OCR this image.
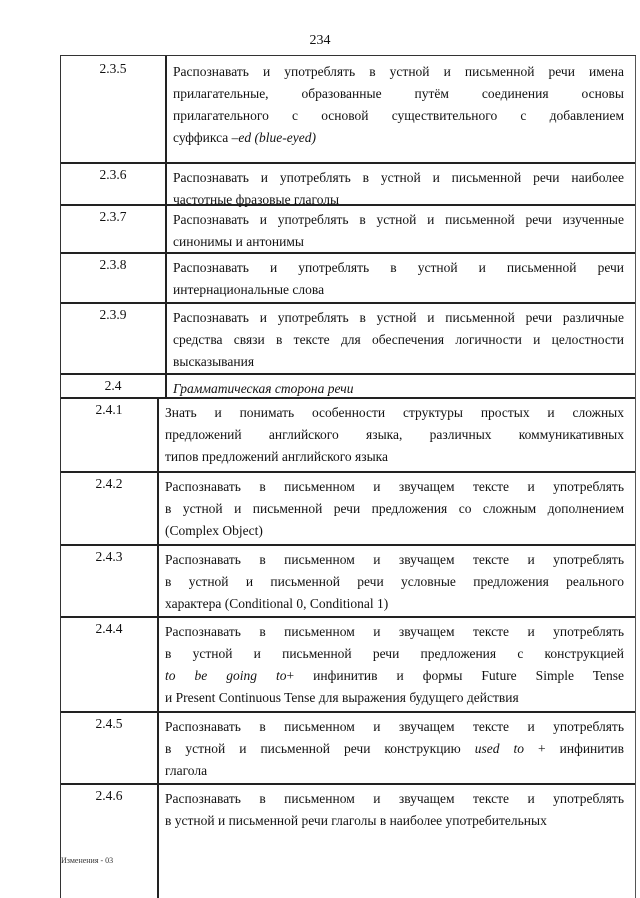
234
2.3.5	Распознавать и употреблять в устной и письменной речи имена
прилагательные, образованные путём соединения основы
прилагательного с основой существительного с добавлением
суффикса –ed (blue-eyed)
2.3.6	Распознавать и употреблять в устной и письменной речи наиболее
частотные фразовые глаголы
2.3.7	Распознавать и употреблять в устной и письменной речи изученные
синонимы и антонимы
2.3.8	Распознавать и употреблять в устной и письменной речи
интернациональные слова
2.3.9	Распознавать и употреблять в устной и письменной речи различные
средства связи в тексте для обеспечения логичности и целостности
высказывания
2.4	Грамматическая сторона речи
2.4.1	Знать и понимать особенности структуры простых и сложных
предложений английского языка, различных коммуникативных
типов предложений английского языка
2.4.2	Распознавать в письменном и звучащем тексте и употреблять
в устной и письменной речи предложения со сложным дополнением
(Complex Object)
2.4.3	Распознавать в письменном и звучащем тексте и употреблять
в устной и письменной речи условные предложения реального
характера (Conditional 0, Conditional 1)
2.4.4	Распознавать в письменном и звучащем тексте и употреблять
в устной и письменной речи предложения с конструкцией
to be going to+ инфинитив и формы Future Simple Tense
и Present Continuous Tense для выражения будущего действия
2.4.5	Распознавать в письменном и звучащем тексте и употреблять
в устной и письменной речи конструкцию used to + инфинитив
глагола
2.4.6	Распознавать в письменном и звучащем тексте и употреблять
в устной и письменной речи глаголы в наиболее употребительных
Изменения - 03
